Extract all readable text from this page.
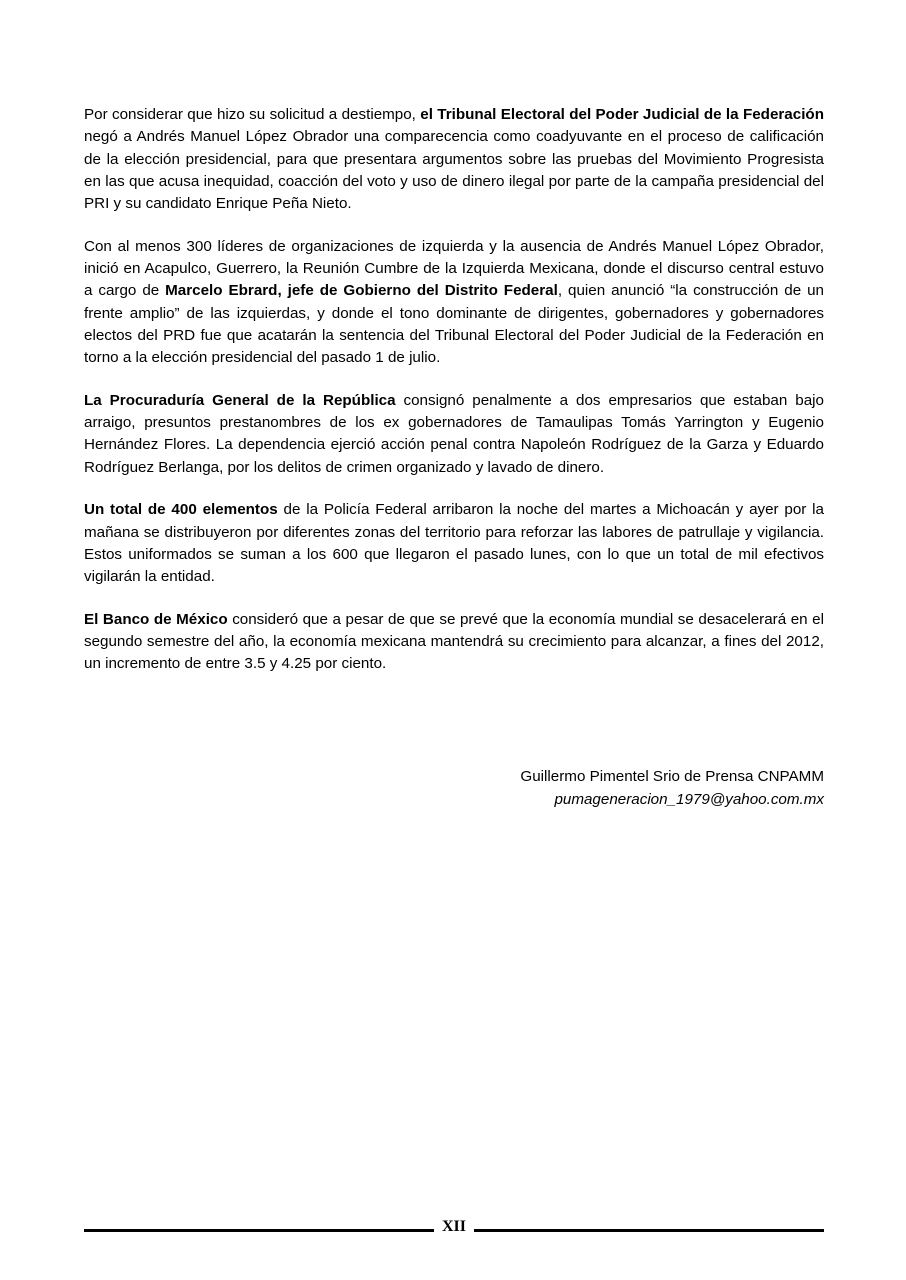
Por considerar que hizo su solicitud a destiempo, el Tribunal Electoral del Poder Judicial de la Federación negó a Andrés Manuel López Obrador una comparecencia como coadyuvante en el proceso de calificación de la elección presidencial, para que presentara argumentos sobre las pruebas del Movimiento Progresista en las que acusa inequidad, coacción del voto y uso de dinero ilegal por parte de la campaña presidencial del PRI y su candidato Enrique Peña Nieto.

Con al menos 300 líderes de organizaciones de izquierda y la ausencia de Andrés Manuel López Obrador, inició en Acapulco, Guerrero, la Reunión Cumbre de la Izquierda Mexicana, donde el discurso central estuvo a cargo de Marcelo Ebrard, jefe de Gobierno del Distrito Federal, quien anunció “la construcción de un frente amplio” de las izquierdas, y donde el tono dominante de dirigentes, gobernadores y gobernadores electos del PRD fue que acatarán la sentencia del Tribunal Electoral del Poder Judicial de la Federación en torno a la elección presidencial del pasado 1 de julio.

La Procuraduría General de la República consignó penalmente a dos empresarios que estaban bajo arraigo, presuntos prestanombres de los ex gobernadores de Tamaulipas Tomás Yarrington y Eugenio Hernández Flores. La dependencia ejerció acción penal contra Napoleón Rodríguez de la Garza y Eduardo Rodríguez Berlanga, por los delitos de crimen organizado y lavado de dinero.

Un total de 400 elementos de la Policía Federal arribaron la noche del martes a Michoacán y ayer por la mañana se distribuyeron por diferentes zonas del territorio para reforzar las labores de patrullaje y vigilancia. Estos uniformados se suman a los 600 que llegaron el pasado lunes, con lo que un total de mil efectivos vigilarán la entidad.

El Banco de México consideró que a pesar de que se prevé que la economía mundial se desacelerará en el segundo semestre del año, la economía mexicana mantendrá su crecimiento para alcanzar, a fines del 2012, un incremento de entre 3.5 y 4.25 por ciento.

Guillermo Pimentel Srio de Prensa CNPAMM
pumageneracion_1979@yahoo.com.mx
XII
